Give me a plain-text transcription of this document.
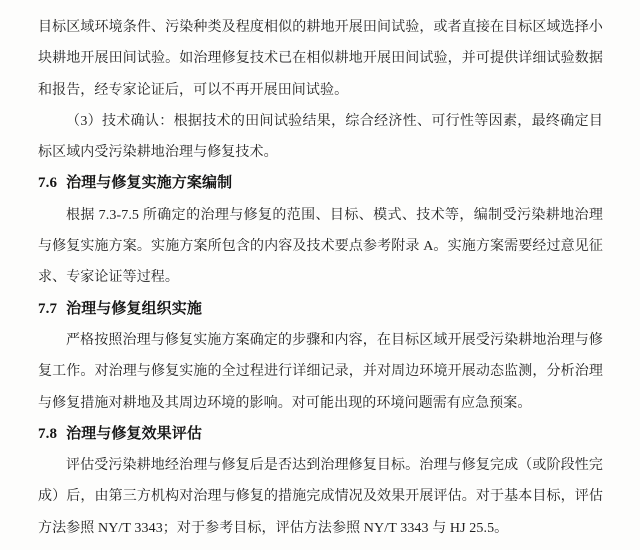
目标区域环境条件、污染种类及程度相似的耕地开展田间试验，或者直接在目标区域选择小块耕地开展田间试验。如治理修复技术已在相似耕地开展田间试验，并可提供详细试验数据和报告，经专家论证后，可以不再开展田间试验。

（3）技术确认：根据技术的田间试验结果，综合经济性、可行性等因素，最终确定目标区域内受污染耕地治理与修复技术。

7.6 治理与修复实施方案编制

根据 7.3-7.5 所确定的治理与修复的范围、目标、模式、技术等，编制受污染耕地治理与修复实施方案。实施方案所包含的内容及技术要点参考附录 A。实施方案需要经过意见征求、专家论证等过程。

7.7 治理与修复组织实施

严格按照治理与修复实施方案确定的步骤和内容，在目标区域开展受污染耕地治理与修复工作。对治理与修复实施的全过程进行详细记录，并对周边环境开展动态监测，分析治理与修复措施对耕地及其周边环境的影响。对可能出现的环境问题需有应急预案。

7.8 治理与修复效果评估

评估受污染耕地经治理与修复后是否达到治理修复目标。治理与修复完成（或阶段性完成）后，由第三方机构对治理与修复的措施完成情况及效果开展评估。对于基本目标，评估方法参照 NY/T 3343；对于参考目标，评估方法参照 NY/T 3343 与 HJ 25.5。
